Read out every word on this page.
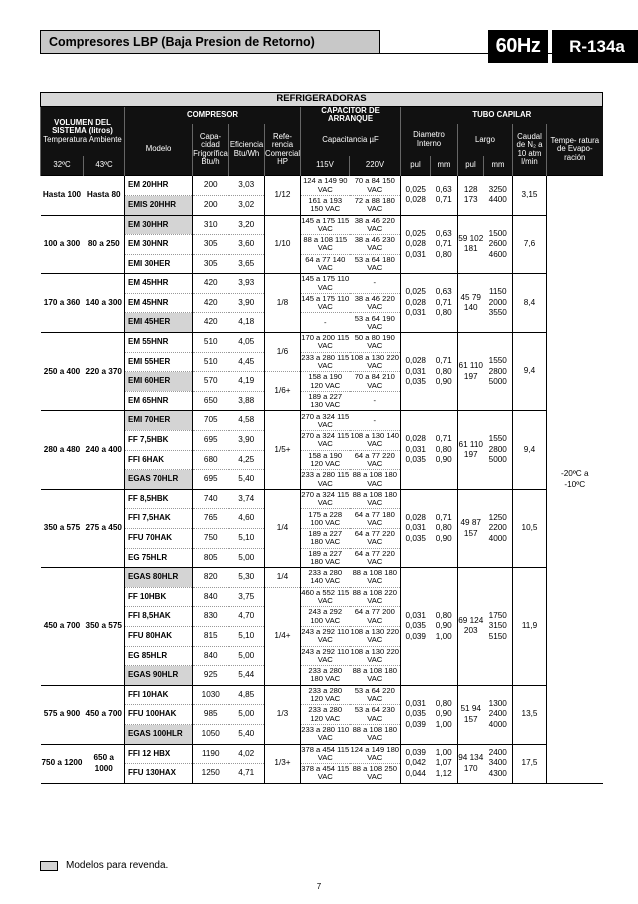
Compresores LBP (Baja Presion de Retorno)	60Hz	R-134a
REFRIGERADORAS													
VOLUMEN DEL SISTEMA (litros)
Temperatura Ambiente		COMPRESOR				CAPACITOR DE ARRANQUE		TUBO CAPILAR					
		Modelo	Capa- cidad Frigorífica Btu/h	Eficiencia Btu/Wh	Refe- rencia Comercial HP	Capacitancia µF		Diametro Interno		Largo		Caudal de N₂ a 10 atm l/min	Tempe- ratura de Evapo- ración
32ºC	43ºC					115V	220V	pul	mm	pul	mm		
Hasta 100	Hasta 80	EM 20HHR	200	3,03	1/12	124 a 149 90 VAC	70 a 84 150 VAC	0,025 0,028	0,63 0,71	128 173	3250 4400	3,15	-20ºC a -10ºC
		EMIS 20HHR	200	3,02		161 a 193 150 VAC	72 a 88 180 VAC						
100 a 300	80 a 250	EM 30HHR	310	3,20	1/10	145 a 175 115 VAC	38 a 46 220 VAC	0,025 0,028 0,031	0,63 0,71 0,80	59 102 181	1500 2600 4600	7,6	
		EM 30HNR	305	3,60		88 a 108 115 VAC	38 a 46 230 VAC						
		EMI 30HER	305	3,65		64 a 77 140 VAC	53 a 64 180 VAC						
170 a 360	140 a 300	EM 45HHR	420	3,93	1/8	145 a 175 110 VAC	-	0,025 0,028 0,031	0,63 0,71 0,80	45 79 140	1150 2000 3550	8,4	
		EM 45HNR	420	3,90		145 a 175 110 VAC	38 a 46 220 VAC						
		EMI 45HER	420	4,18		-	53 a 64 190 VAC						
250 a 400	220 a 370	EM 55HNR	510	4,05	1/6	170 a 200 115 VAC	50 a 80 190 VAC	0,028 0,031 0,035	0,71 0,80 0,90	61 110 197	1550 2800 5000	9,4	
		EMI 55HER	510	4,45		233 a 280 115 VAC	108 a 130 220 VAC						
		EMI 60HER	570	4,19	1/6+	158 a 190 120 VAC	70 a 84 210 VAC						
		EM 65HNR	650	3,88		189 a 227 130 VAC	-						
280 a 480	240 a 400	EMI 70HER	705	4,58	1/5+	270 a 324 115 VAC	-	0,028 0,031 0,035	0,71 0,80 0,90	61 110 197	1550 2800 5000	9,4	
		FF 7,5HBK	695	3,90		270 a 324 115 VAC	108 a 130 140 VAC						
		FFI 6HAK	680	4,25		158 a 190 120 VAC	64 a 77 220 VAC						
		EGAS 70HLR	695	5,40		233 a 280 115 VAC	88 a 108 180 VAC						
350 a 575	275 a 450	FF 8,5HBK	740	3,74	1/4	270 a 324 115 VAC	88 a 108 180 VAC	0,028 0,031 0,035	0,71 0,80 0,90	49 87 157	1250 2200 4000	10,5	
		FFI 7,5HAK	765	4,60		175 a 228 100 VAC	64 a 77 180 VAC						
		FFU 70HAK	750	5,10		189 a 227 180 VAC	64 a 77 220 VAC						
		EG 75HLR	805	5,00		189 a 227 180 VAC	64 a 77 220 VAC						
450 a 700	350 a 575	EGAS 80HLR	820	5,30	1/4	233 a 280 140 VAC	88 a 108 180 VAC	0,031 0,035 0,039	0,80 0,90 1,00	69 124 203	1750 3150 5150	11,9	
		FF 10HBK	840	3,75	1/4+	460 a 552 115 VAC	88 a 108 220 VAC						
		FFI 8,5HAK	830	4,70		243 a 292 100 VAC	64 a 77 200 VAC						
		FFU 80HAK	815	5,10		243 a 292 110 VAC	108 a 130 220 VAC						
		EG 85HLR	840	5,00		243 a 292 110 VAC	108 a 130 220 VAC						
		EGAS 90HLR	925	5,44		233 a 280 180 VAC	88 a 108 180 VAC						
575 a 900	450 a 700	FFI 10HAK	1030	4,85	1/3	233 a 280 120 VAC	53 a 64 220 VAC	0,031 0,035 0,039	0,80 0,90 1,00	51 94 157	1300 2400 4000	13,5	
		FFU 100HAK	985	5,00		233 a 280 120 VAC	53 a 64 230 VAC						
		EGAS 100HLR	1050	5,40		233 a 280 110 VAC	88 a 108 180 VAC						
750 a 1200	650 a 1000	FFI 12 HBX	1190	4,02	1/3+	378 a 454 115 VAC	124 a 149 180 VAC	0,039 0,042 0,044	1,00 1,07 1,12	94 134 170	2400 3400 4300	17,5	
		FFU 130HAX	1250	4,71		378 a 454 115 VAC	88 a 108 250 VAC						
Modelos para revenda.
7
